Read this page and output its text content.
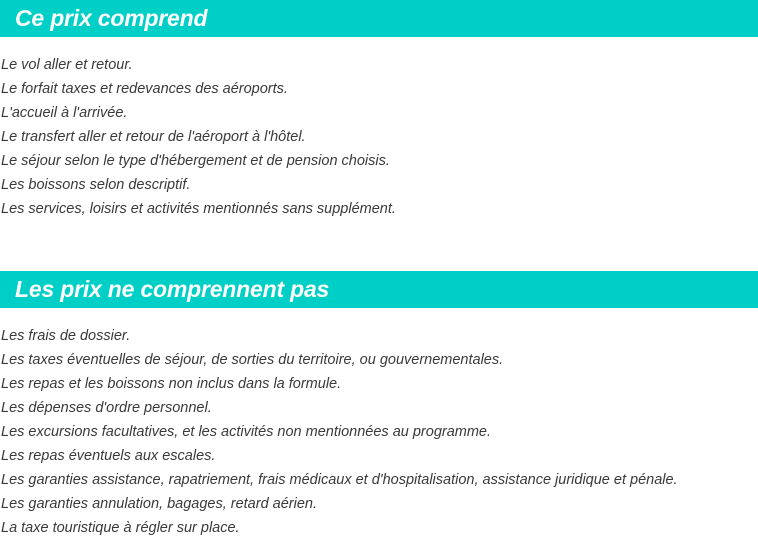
Ce prix comprend
Le vol aller et retour.
Le forfait taxes et redevances des aéroports.
L'accueil à l'arrivée.
Le transfert aller et retour de l'aéroport à l'hôtel.
Le séjour selon le type d'hébergement et de pension choisis.
Les boissons selon descriptif.
Les services, loisirs et activités mentionnés sans supplément.
Les prix ne comprennent pas
Les frais de dossier.
Les taxes éventuelles de séjour, de sorties du territoire, ou gouvernementales.
Les repas et les boissons non inclus dans la formule.
Les dépenses d'ordre personnel.
Les excursions facultatives, et les activités non mentionnées au programme.
Les repas éventuels aux escales.
Les garanties assistance, rapatriement, frais médicaux et d'hospitalisation, assistance juridique et pénale.
Les garanties annulation, bagages, retard aérien.
La taxe touristique à régler sur place.
